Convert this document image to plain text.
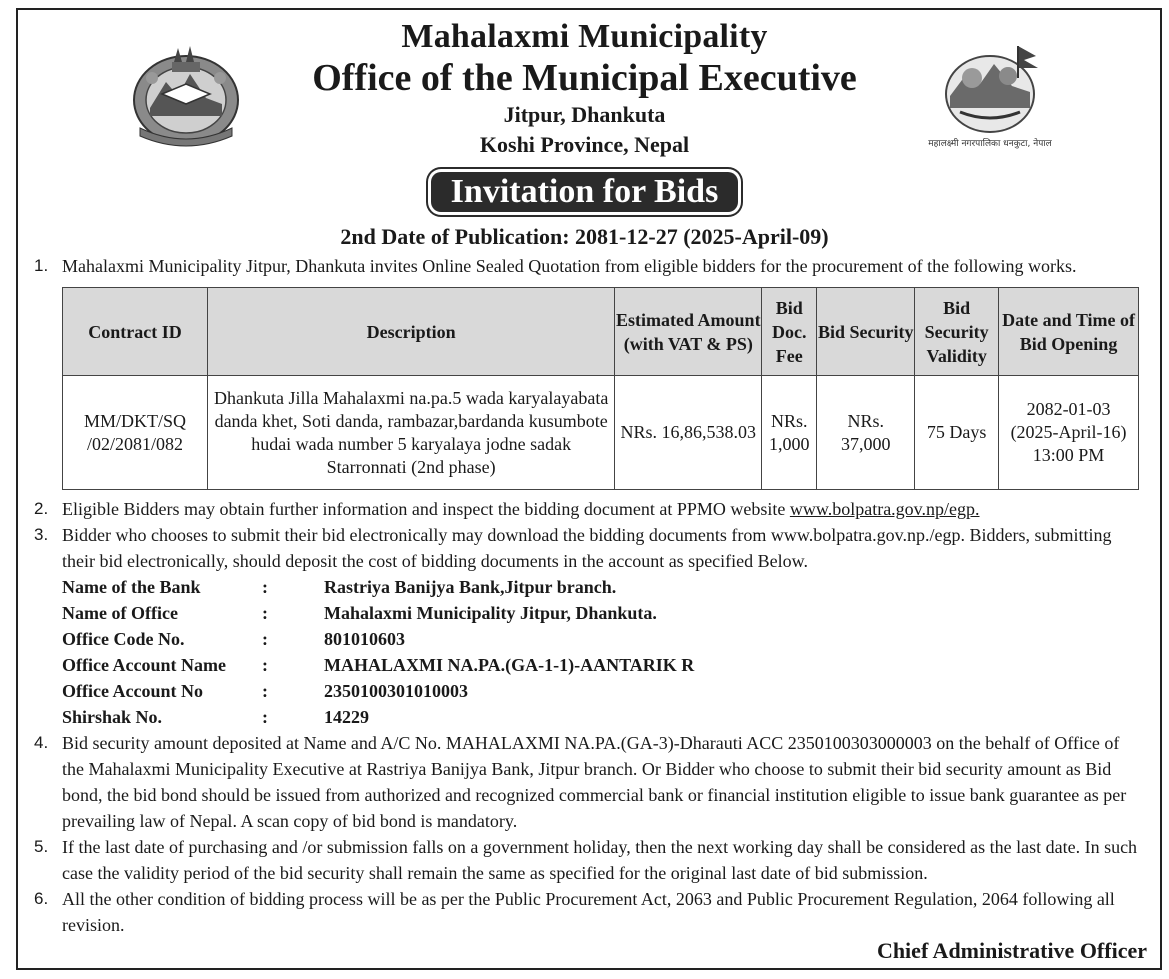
महालक्ष्मी नगरपालिका धनकुटा, नेपाल
Mahalaxmi Municipality
Office of the Municipal Executive
Jitpur, Dhankuta
Koshi Province, Nepal
Invitation for Bids
2nd Date of Publication: 2081-12-27 (2025-April-09)
1. Mahalaxmi Municipality Jitpur, Dhankuta invites Online Sealed Quotation from eligible bidders for the procurement of the following works.
Contract ID	Description	Estimated Amount (with VAT & PS)	Bid Doc. Fee	Bid Security	Bid Security Validity	Date and Time of Bid Opening
MM/DKT/SQ /02/2081/082	Dhankuta Jilla Mahalaxmi na.pa.5 wada karyalayabata danda khet, Soti danda, rambazar,bardanda kusumbote hudai wada number 5 karyalaya jodne sadak Starronnati (2nd phase)	NRs. 16,86,538.03	NRs. 1,000	NRs. 37,000	75 Days	2082-01-03 (2025-April-16) 13:00 PM
2. Eligible Bidders may obtain further information and inspect the bidding document at PPMO website www.bolpatra.gov.np/egp.
3. Bidder who chooses to submit their bid electronically may download the bidding documents from www.bolpatra.gov.np./egp. Bidders, submitting their bid electronically, should deposit the cost of bidding documents in the account as specified Below.
Name of the Bank	:	Rastriya Banijya Bank,Jitpur branch.
Name of Office	:	Mahalaxmi Municipality Jitpur, Dhankuta.
Office Code No.	:	801010603
Office Account Name	:	MAHALAXMI NA.PA.(GA-1-1)-AANTARIK R
Office Account No	:	2350100301010003
Shirshak No.	:	14229
4. Bid security amount deposited at Name and A/C No. MAHALAXMI NA.PA.(GA-3)-Dharauti ACC 2350100303000003 on the behalf of Office of the Mahalaxmi Municipality Executive at Rastriya Banijya Bank, Jitpur branch. Or Bidder who choose to submit their bid security amount as Bid bond, the bid bond should be issued from authorized and recognized commercial bank or financial institution eligible to issue bank guarantee as per prevailing law of Nepal. A scan copy of bid bond is mandatory.
5. If the last date of purchasing and /or submission falls on a government holiday, then the next working day shall be considered as the last date. In such case the validity period of the bid security shall remain the same as specified for the original last date of bid submission.
6. All the other condition of bidding process will be as per the Public Procurement Act, 2063 and Public Procurement Regulation, 2064 following all revision.
Chief Administrative Officer
